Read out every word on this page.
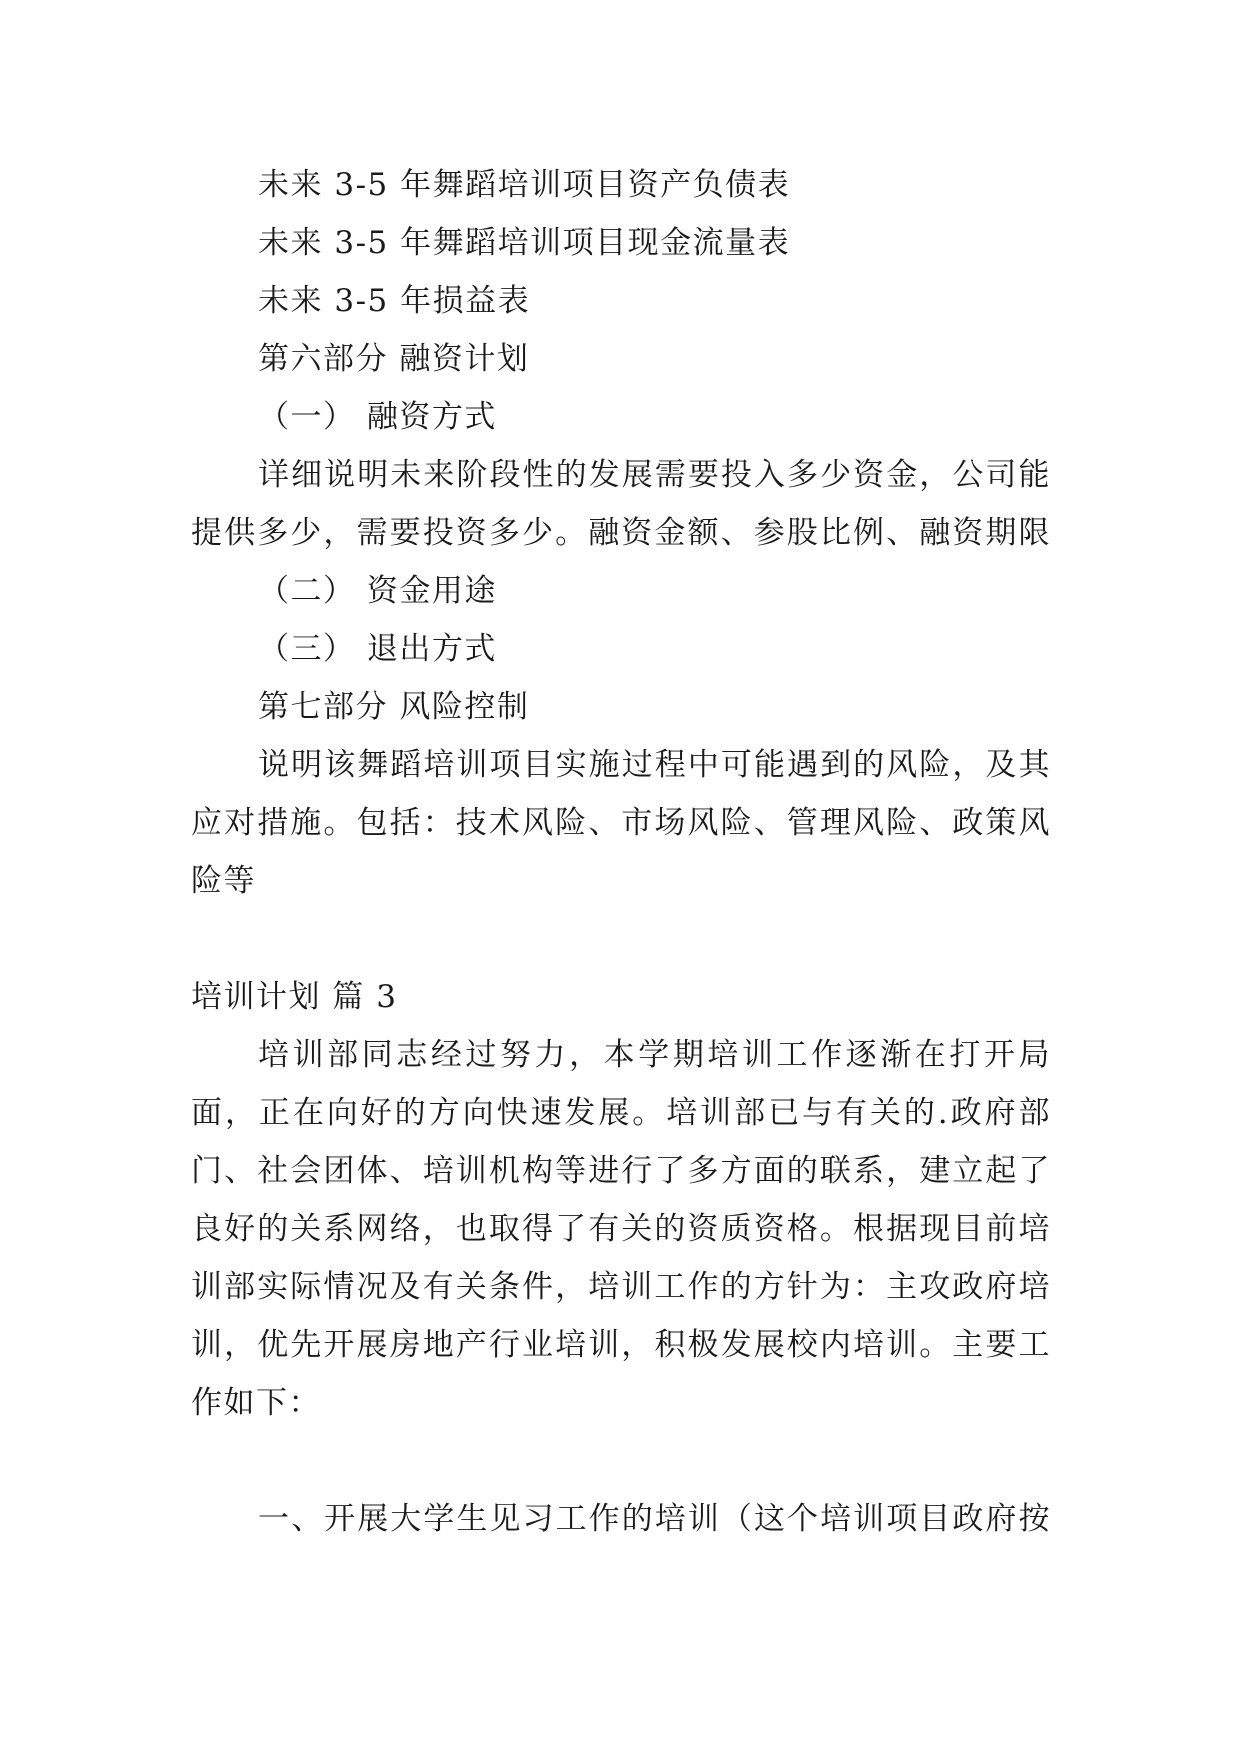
未来 3-5 年舞蹈培训项目资产负债表

未来 3-5 年舞蹈培训项目现金流量表

未来 3-5 年损益表

第六部分 融资计划

（一） 融资方式

详细说明未来阶段性的发展需要投入多少资金，公司能

提供多少，需要投资多少。融资金额、参股比例、融资期限

（二） 资金用途

（三） 退出方式

第七部分 风险控制

说明该舞蹈培训项目实施过程中可能遇到的风险，及其

应对措施。包括：技术风险、市场风险、管理风险、政策风

险等

培训计划 篇 3

培训部同志经过努力，本学期培训工作逐渐在打开局

面，正在向好的方向快速发展。培训部已与有关的.政府部

门、社会团体、培训机构等进行了多方面的联系，建立起了

良好的关系网络，也取得了有关的资质资格。根据现目前培

训部实际情况及有关条件，培训工作的方针为：主攻政府培

训，优先开展房地产行业培训，积极发展校内培训。主要工

作如下：

一、开展大学生见习工作的培训（这个培训项目政府按
